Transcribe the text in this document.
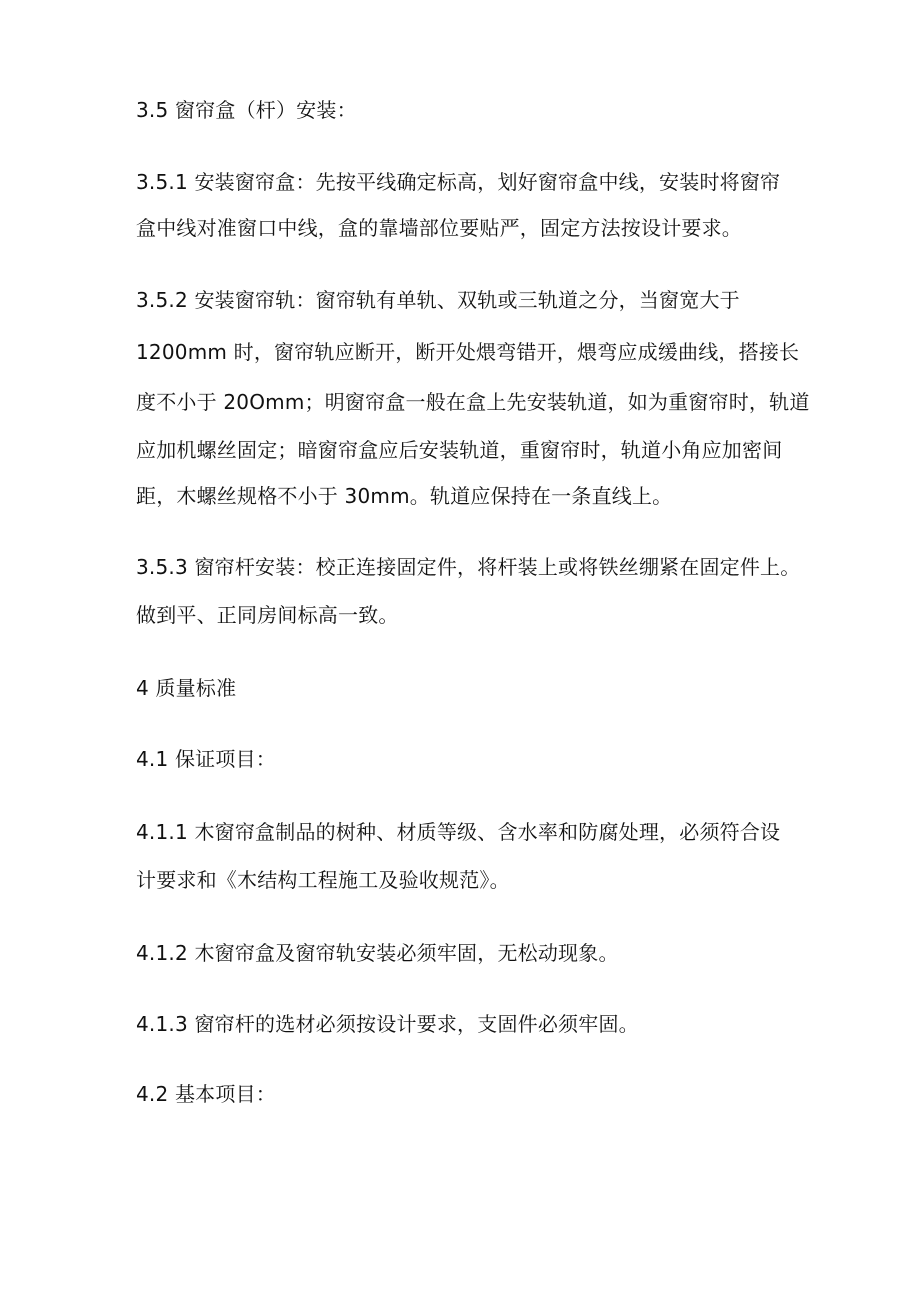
3.5 窗帘盒（杆）安装：
3.5.1 安装窗帘盒：先按平线确定标高，划好窗帘盒中线，安装时将窗帘
盒中线对准窗口中线，盒的靠墙部位要贴严，固定方法按设计要求。
3.5.2 安装窗帘轨：窗帘轨有单轨、双轨或三轨道之分，当窗宽大于
1200mm 时，窗帘轨应断开，断开处煨弯错开，煨弯应成缓曲线，搭接长
度不小于 20Omm；明窗帘盒一般在盒上先安装轨道，如为重窗帘时，轨道
应加机螺丝固定；暗窗帘盒应后安装轨道，重窗帘时，轨道小角应加密间
距，木螺丝规格不小于 30mm。轨道应保持在一条直线上。
3.5.3 窗帘杆安装：校正连接固定件，将杆装上或将铁丝绷紧在固定件上。
做到平、正同房间标高一致。
4 质量标准
4.1 保证项目：
4.1.1 木窗帘盒制品的树种、材质等级、含水率和防腐处理，必须符合设
计要求和《木结构工程施工及验收规范》。
4.1.2 木窗帘盒及窗帘轨安装必须牢固，无松动现象。
4.1.3 窗帘杆的选材必须按设计要求，支固件必须牢固。
4.2 基本项目：
